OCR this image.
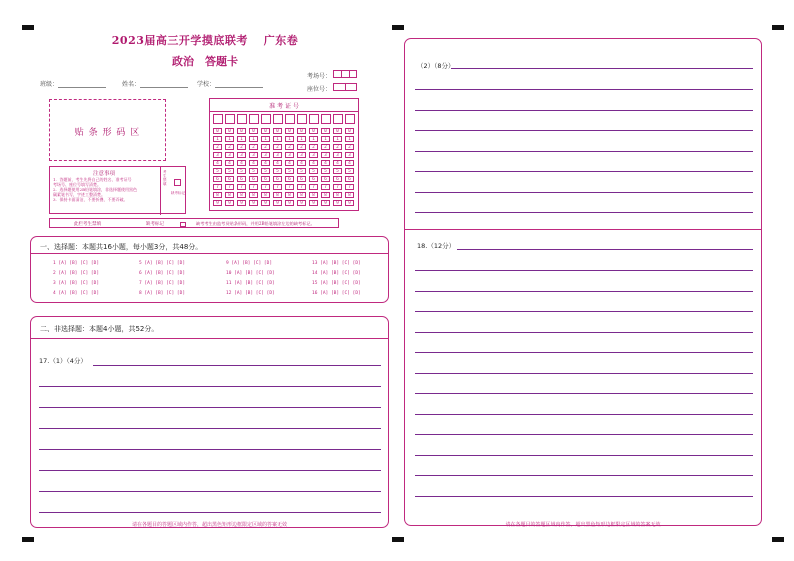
2023届高三开学摸底联考　 广东卷
政治　答题卡
班级：	姓名：	学校：
考场号：
座位号：
贴 条 形 码 区
准 考 证 号
0	0	0	0	0	0	0	0	0	0	0	0
1	1	1	1	1	1	1	1	1	1	1	1
2	2	2	2	2	2	2	2	2	2	2	2
3	3	3	3	3	3	3	3	3	3	3	3
4	4	4	4	4	4	4	4	4	4	4	4
5	5	5	5	5	5	5	5	5	5	5	5
6	6	6	6	6	6	6	6	6	6	6	6
7	7	7	7	7	7	7	7	7	7	7	7
8	8	8	8	8	8	8	8	8	8	8	8
9	9	9	9	9	9	9	9	9	9	9	9
注意事项
1．答题前，考生先将自己的姓名、准考证号
考场号、座位号填写清楚。
2．选择题使用2B铅笔填涂，非选择题使用黑色
碳素笔书写，字迹工整清楚。
3．保持卡面清洁，不要折叠、不要弄破。
考生禁填
缺考标记
此栏考生禁填	缺考标记	缺考考生由监考员贴条形码，并用2B铅笔填涂左边的缺考标记。
一、选择题：本题共16小题，每小题3分，共48分。
1 [A] [B] [C] [D]	5 [A] [B] [C] [D]	9 [A] [B] [C] [D]	13 [A] [B] [C] [D]
2 [A] [B] [C] [D]	6 [A] [B] [C] [D]	10 [A] [B] [C] [D]	14 [A] [B] [C] [D]
3 [A] [B] [C] [D]	7 [A] [B] [C] [D]	11 [A] [B] [C] [D]	15 [A] [B] [C] [D]
4 [A] [B] [C] [D]	8 [A] [B] [C] [D]	12 [A] [B] [C] [D]	16 [A] [B] [C] [D]
二、非选择题：本题4小题，共52分。
17.（1）（4分）
请在各题目的答题区域内作答，超出黑色矩形边框限定区域的答案无效
（2）（8分）
18.（12分）
请在各题目的答题区域内作答，超出黑色矩形边框限定区域的答案无效
